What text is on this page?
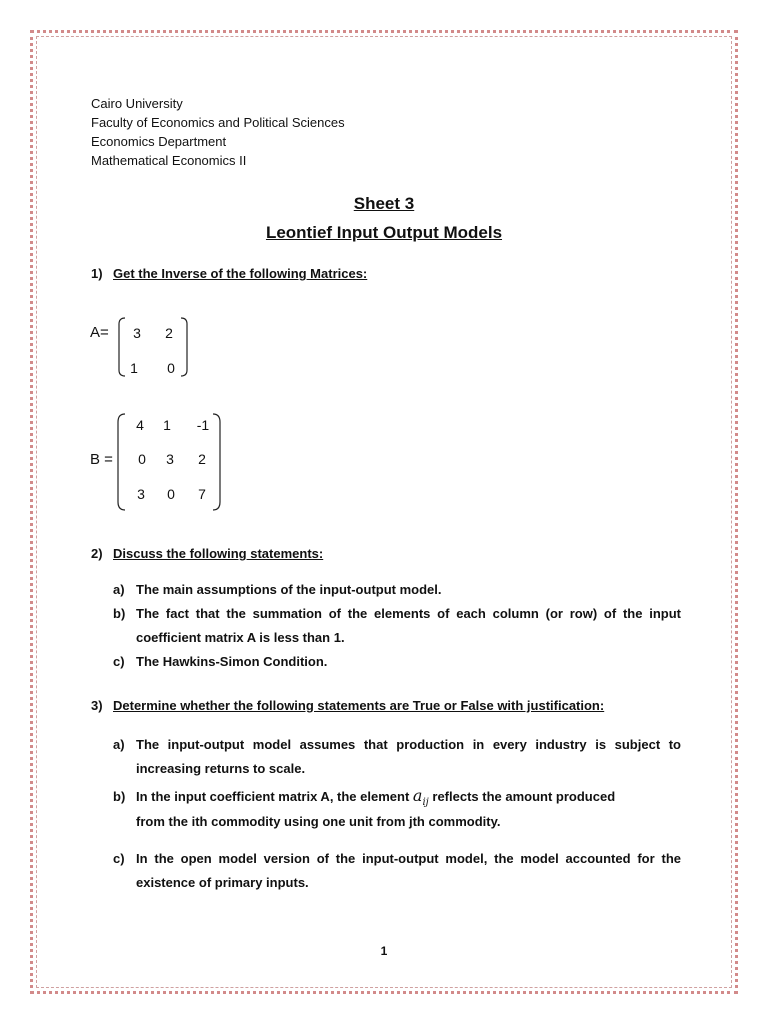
Cairo University
Faculty of Economics and Political Sciences
Economics Department
Mathematical Economics II
Sheet 3
Leontief Input Output Models
1) Get the Inverse of the following Matrices:
A=	3	2
1	0
B =
4	1	-1
0	3	2
3	0	7
2) Discuss the following statements:
a) The main assumptions of the input-output model.
b) The fact that the summation of the elements of each column (or row) of the input coefficient matrix A is less than 1.
c) The Hawkins-Simon Condition.
3) Determine whether the following statements are True or False with justification:
a) The input-output model assumes that production in every industry is subject to increasing returns to scale.
b) In the input coefficient matrix A, the element $a_{ij}$ reflects the amount produced
from the ith commodity using one unit from jth commodity.
c) In the open model version of the input-output model, the model accounted for the existence of primary inputs.
1
